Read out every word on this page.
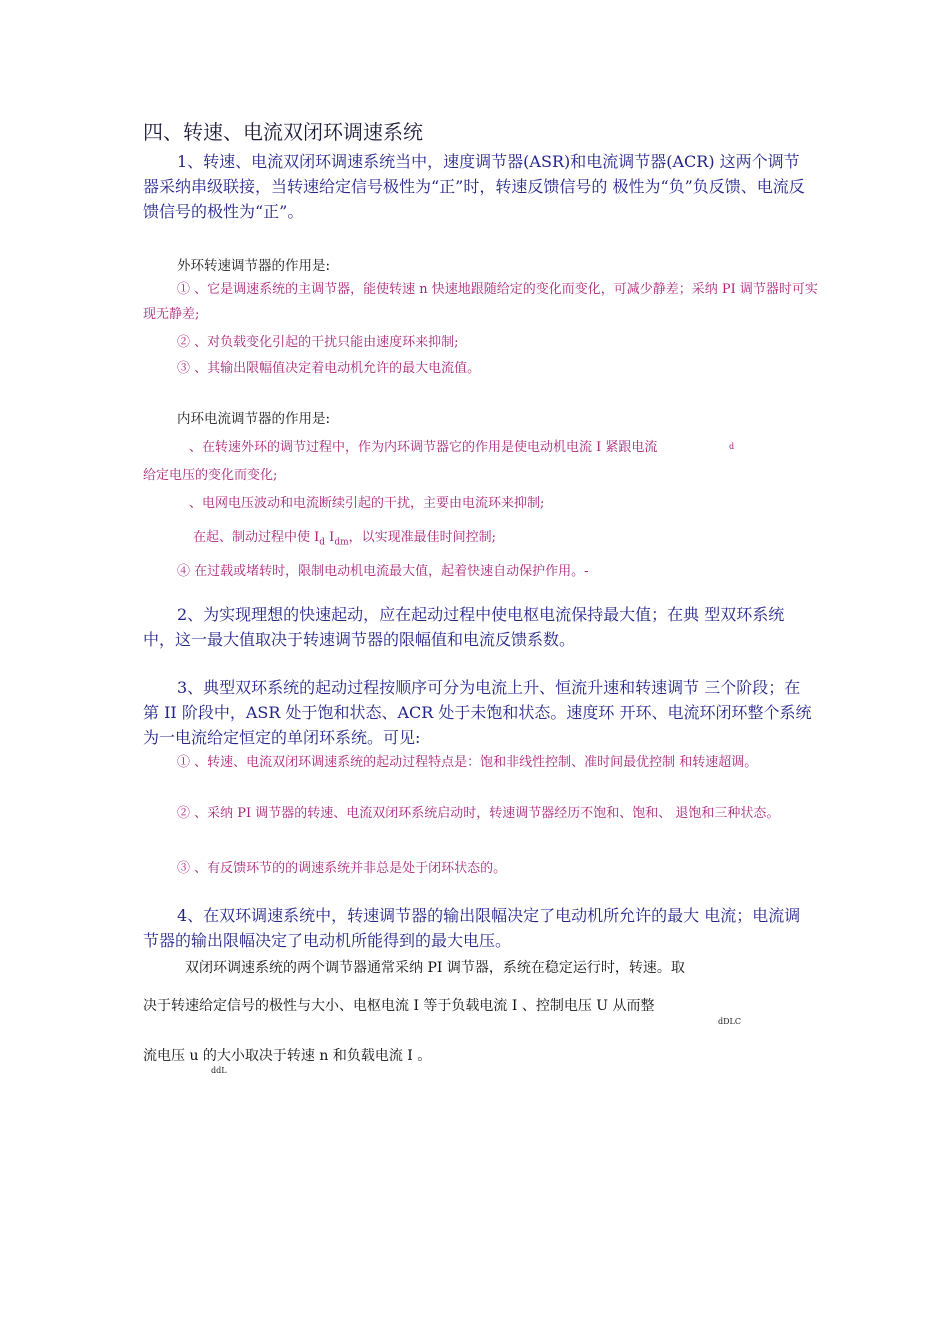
四、转速、电流双闭环调速系统
1、转速、电流双闭环调速系统当中，速度调节器(ASR)和电流调节器(ACR) 这两个调节器采纳串级联接，当转速给定信号极性为“正”时，转速反馈信号的 极性为“负”负反馈、电流反馈信号的极性为“正”。
外环转速调节器的作用是:
① 、它是调速系统的主调节器，能使转速 n 快速地跟随给定的变化而变化，可减少静差；采纳 PI 调节器时可实现无静差;
② 、对负载变化引起的干扰只能由速度环来抑制;
③ 、其输出限幅值决定着电动机允许的最大电流值。
内环电流调节器的作用是:
、在转速外环的调节过程中，作为内环调节器它的作用是使电动机电流 I 紧跟电流	d
给定电压的变化而变化;
、电网电压波动和电流断续引起的干扰，主要由电流环来抑制;
在起、制动过程中使 $I_d$ $I_{dm}$，以实现准最佳时间控制;
④ 在过载或堵转时，限制电动机电流最大值，起着快速自动保护作用。-
2、为实现理想的快速起动，应在起动过程中使电枢电流保持最大值；在典 型双环系统中，这一最大值取决于转速调节器的限幅值和电流反馈系数。
3、典型双环系统的起动过程按顺序可分为电流上升、恒流升速和转速调节 三个阶段；在第 II 阶段中，ASR 处于饱和状态、ACR 处于未饱和状态。速度环 开环、电流环闭环整个系统为一电流给定恒定的单闭环系统。可见:
① 、转速、电流双闭环调速系统的起动过程特点是：饱和非线性控制、准时间最优控制 和转速超调。
② 、采纳 PI 调节器的转速、电流双闭环系统启动时，转速调节器经历不饱和、饱和、 退饱和三种状态。
③ 、有反馈环节的的调速系统并非总是处于闭环状态的。
4、在双环调速系统中，转速调节器的输出限幅决定了电动机所允许的最大 电流；电流调节器的输出限幅决定了电动机所能得到的最大电压。
双闭环调速系统的两个调节器通常采纳 PI 调节器，系统在稳定运行时，转速。取
决于转速给定信号的极性与大小、电枢电流 I 等于负载电流 I 、控制电压 U 从而整
dDLC
流电压 u 的大小取决于转速 n 和负载电流 I 。
ddL
